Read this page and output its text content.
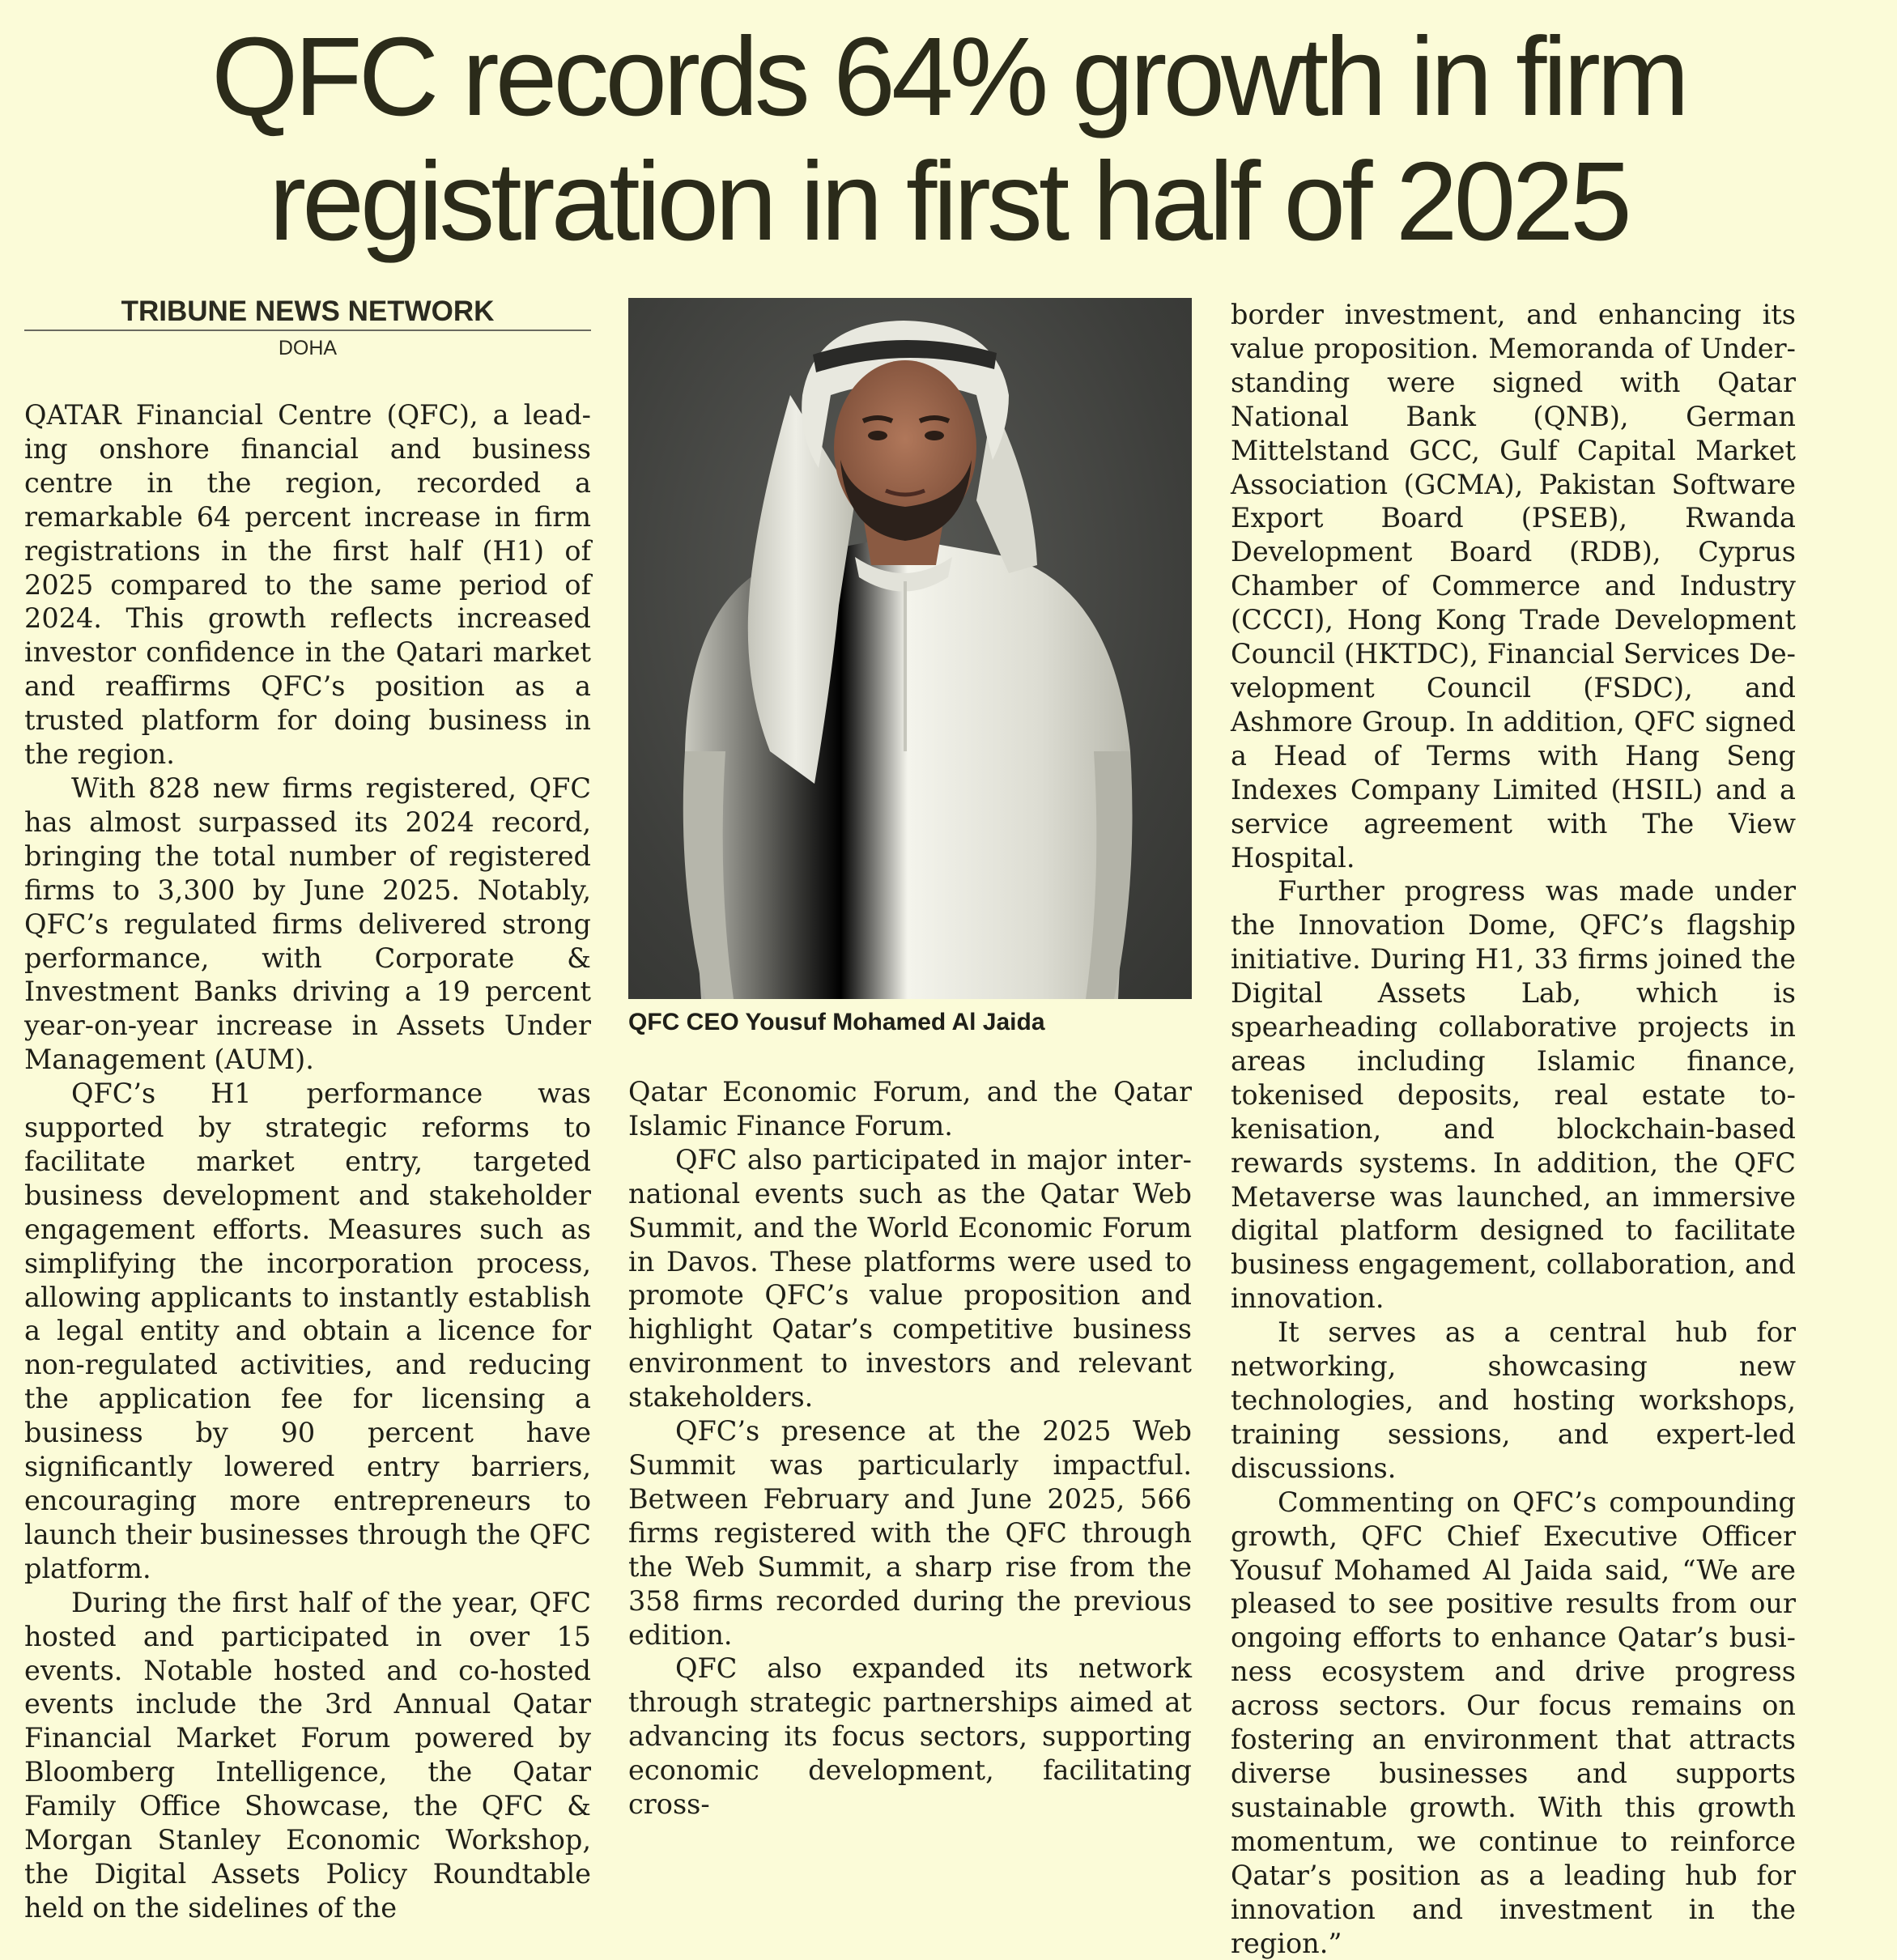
QFC records 64% growth in firm
registration in first half of 2025
TRIBUNE NEWS NETWORK
DOHA

QATAR Financial Centre (QFC), a leading onshore financial and business centre in the region, recorded a remarkable 64 percent increase in firm registrations in the first half (H1) of 2025 compared to the same period of 2024. This growth reflects increased investor confidence in the Qatari market and reaffirms QFC’s position as a trusted platform for doing business in the region.

With 828 new firms registered, QFC has almost surpassed its 2024 record, bringing the total number of registered firms to 3,300 by June 2025. Notably, QFC’s regulated firms delivered strong performance, with Corporate & Investment Banks driving a 19 percent year-on-year increase in Assets Under Management (AUM).

QFC’s H1 performance was supported by strategic reforms to facilitate market entry, targeted business development and stakeholder engagement efforts. Measures such as simplifying the incorporation process, allowing applicants to instantly establish a legal entity and obtain a licence for non-regulated activities, and reducing the application fee for licensing a business by 90 percent have significantly lowered entry barriers, encouraging more entrepreneurs to launch their businesses through the QFC platform.

During the first half of the year, QFC hosted and participated in over 15 events. Notable hosted and co-hosted events include the 3rd Annual Qatar Financial Market Forum powered by Bloomberg Intelligence, the Qatar Family Office Showcase, the QFC & Morgan Stanley Economic Workshop, the Digital Assets Policy Roundtable held on the sidelines of the

QFC CEO Yousuf Mohamed Al Jaida

Qatar Economic Forum, and the Qatar Islamic Finance Forum.

QFC also participated in major international events such as the Qatar Web Summit, and the World Economic Forum in Davos. These platforms were used to promote QFC’s value proposition and highlight Qatar’s competitive business environment to investors and relevant stakeholders.

QFC’s presence at the 2025 Web Summit was particularly impactful. Between February and June 2025, 566 firms registered with the QFC through the Web Summit, a sharp rise from the 358 firms recorded during the previous edition.

QFC also expanded its network through strategic partnerships aimed at advancing its focus sectors, supporting economic development, facilitating cross-

border investment, and enhancing its value proposition. Memoranda of Understanding were signed with Qatar National Bank (QNB), German Mittelstand GCC, Gulf Capital Market Association (GCMA), Pakistan Software Export Board (PSEB), Rwanda Development Board (RDB), Cyprus Chamber of Commerce and Industry (CCCI), Hong Kong Trade Development Council (HKTDC), Financial Services Development Council (FSDC), and Ashmore Group. In addition, QFC signed a Head of Terms with Hang Seng Indexes Company Limited (HSIL) and a service agreement with The View Hospital.

Further progress was made under the Innovation Dome, QFC’s flagship initiative. During H1, 33 firms joined the Digital Assets Lab, which is spearheading collaborative projects in areas including Islamic finance, tokenised deposits, real estate tokenisation, and blockchain-based rewards systems. In addition, the QFC Metaverse was launched, an immersive digital platform designed to facilitate business engagement, collaboration, and innovation.

It serves as a central hub for networking, showcasing new technologies, and hosting workshops, training sessions, and expert-led discussions.

Commenting on QFC’s compounding growth, QFC Chief Executive Officer Yousuf Mohamed Al Jaida said, “We are pleased to see positive results from our ongoing efforts to enhance Qatar’s business ecosystem and drive progress across sectors. Our focus remains on fostering an environment that attracts diverse businesses and supports sustainable growth. With this growth momentum, we continue to reinforce Qatar’s position as a leading hub for innovation and investment in the region.”
